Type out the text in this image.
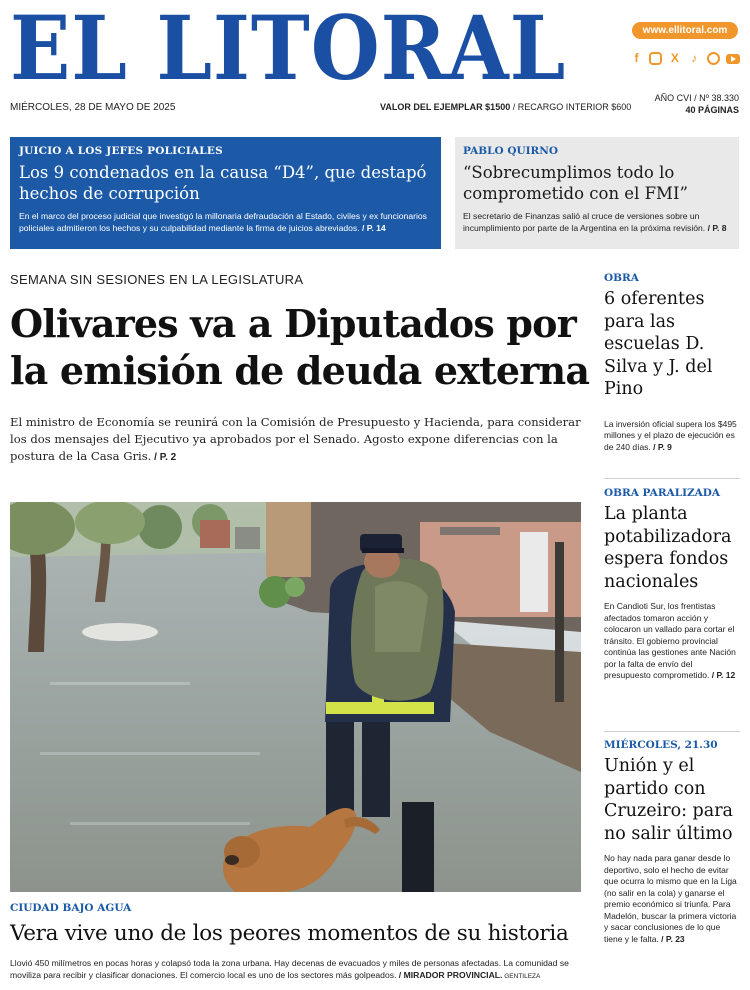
EL LITORAL	www.ellitoral.com
f	X ♪
MIÉRCOLES, 28 DE MAYO DE 2025	VALOR DEL EJEMPLAR $1500 / RECARGO INTERIOR $600
AÑO CVI / Nº 38.330
40 PÁGINAS
JUICIO A LOS JEFES POLICIALES
Los 9 condenados en la causa “D4”, que destapó hechos de corrupción
En el marco del proceso judicial que investigó la millonaria defraudación al Estado, civiles y ex funcionarios policiales admitieron los hechos y su culpabilidad mediante la firma de juicios abreviados. / P. 14
PABLO QUIRNO
“Sobrecumplimos todo lo comprometido con el FMI”
El secretario de Finanzas salió al cruce de versiones sobre un incumplimiento por parte de la Argentina en la próxima revisión. / P. 8
SEMANA SIN SESIONES EN LA LEGISLATURA
Olivares va a Diputados por la emisión de deuda externa
El ministro de Economía se reunirá con la Comisión de Presupuesto y Hacienda, para considerar los dos mensajes del Ejecutivo ya aprobados por el Senado. Agosto expone diferencias con la postura de la Casa Gris. / P. 2
CIUDAD BAJO AGUA
Vera vive uno de los peores momentos de su historia
Llovió 450 milímetros en pocas horas y colapsó toda la zona urbana. Hay decenas de evacuados y miles de personas afectadas. La comunidad se moviliza para recibir y clasificar donaciones. El comercio local es uno de los sectores más golpeados. / MIRADOR PROVINCIAL. GENTILEZA
OBRA
6 oferentes para las escuelas D. Silva y J. del Pino
La inversión oficial supera los $495 millones y el plazo de ejecución es de 240 días. / P. 9
OBRA PARALIZADA
La planta potabilizadora espera fondos nacionales
En Candioti Sur, los frentistas afectados tomaron acción y colocaron un vallado para cortar el tránsito. El gobierno provincial continúa las gestiones ante Nación por la falta de envío del presupuesto comprometido. / P. 12
MIÉRCOLES, 21.30
Unión y el partido con Cruzeiro: para no salir último
No hay nada para ganar desde lo deportivo, solo el hecho de evitar que ocurra lo mismo que en la Liga (no salir en la cola) y ganarse el premio económico si triunfa. Para Madelón, buscar la primera victoria y sacar conclusiones de lo que tiene y le falta. / P. 23
